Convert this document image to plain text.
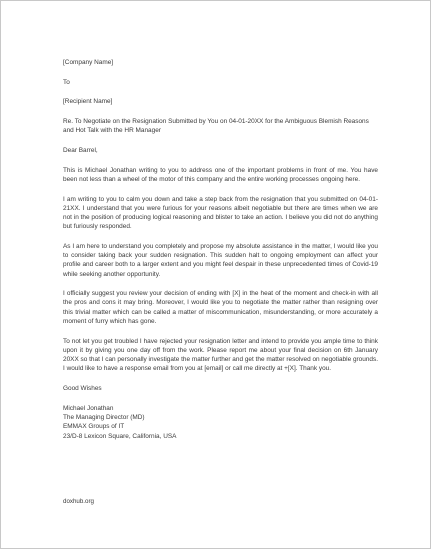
[Company Name]
To
[Recipient Name]

Re. To Negotiate on the Resignation Submitted by You on 04-01-20XX for the Ambiguous Blemish Reasons and Hot Talk with the HR Manager

Dear Barrel,

This is Michael Jonathan writing to you to address one of the important problems in front of me. You have been not less than a wheel of the motor of this company and the entire working processes ongoing here.

I am writing to you to calm you down and take a step back from the resignation that you submitted on 04-01-21XX. I understand that you were furious for your reasons albeit negotiable but there are times when we are not in the position of producing logical reasoning and blister to take an action. I believe you did not do anything but furiously responded.

As I am here to understand you completely and propose my absolute assistance in the matter, I would like you to consider taking back your sudden resignation. This sudden halt to ongoing employment can affect your profile and career both to a larger extent and you might feel despair in these unprecedented times of Covid-19 while seeking another opportunity.

I officially suggest you review your decision of ending with [X] in the heat of the moment and check-in with all the pros and cons it may bring. Moreover, I would like you to negotiate the matter rather than resigning over this trivial matter which can be called a matter of miscommunication, misunderstanding, or more accurately a moment of furry which has gone.

To not let you get troubled I have rejected your resignation letter and intend to provide you ample time to think upon it by giving you one day off from the work. Please report me about your final decision on 6th January 20XX so that I can personally investigate the matter further and get the matter resolved on negotiable grounds. I would like to have a response email from you at [email] or call me directly at +[X]. Thank you.

Good Wishes
Michael Jonathan
The Managing Director (MD)
EMMAX Groups of IT
23/D-8 Lexicon Square, California, USA
doxhub.org
